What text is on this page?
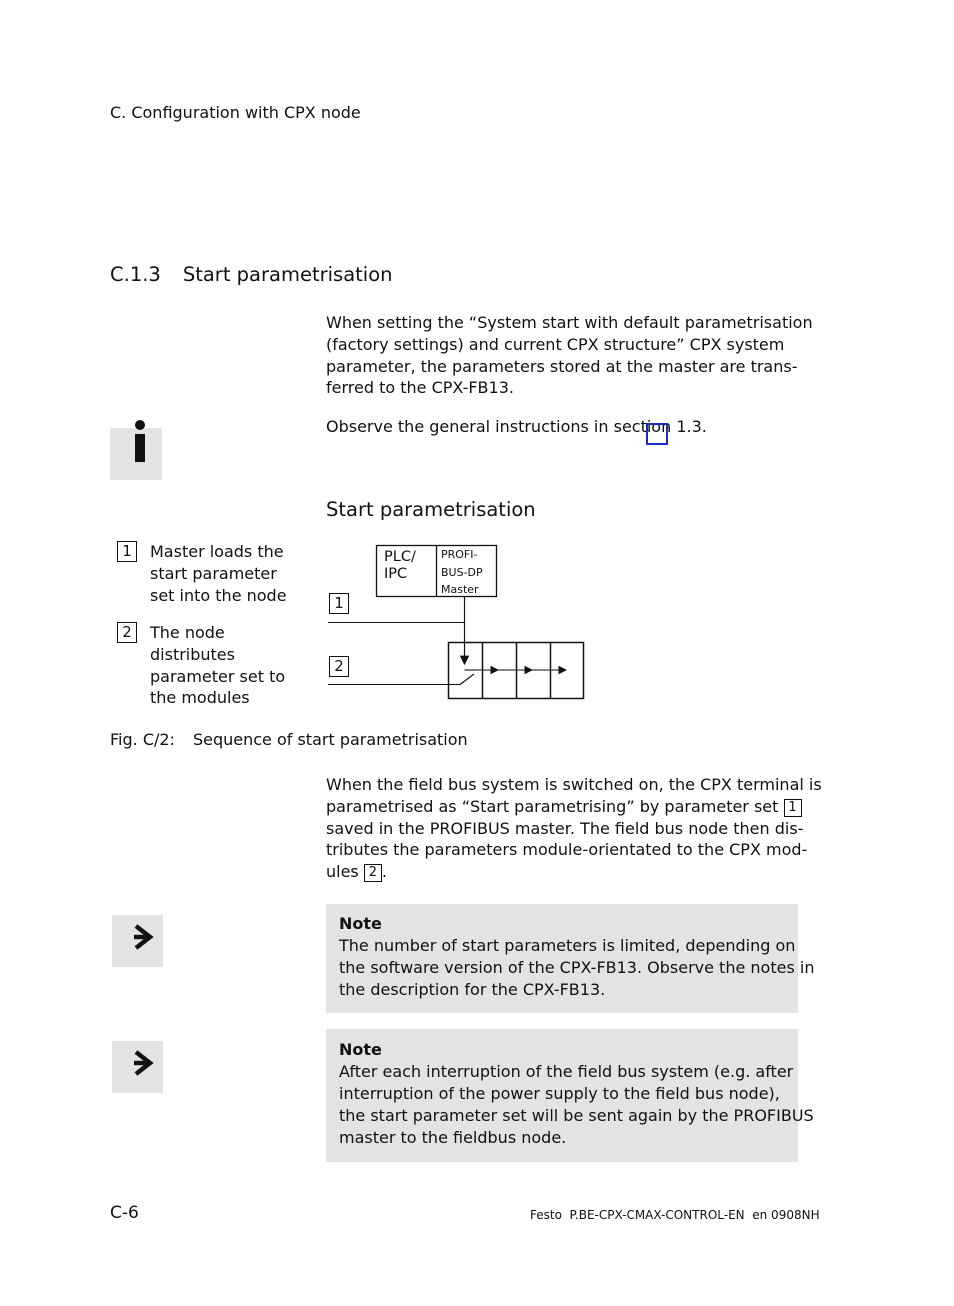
C. Configuration with CPX node
C.1.3 Start parametrisation
When setting the “System start with default parametrisation
(factory settings) and current CPX structure” CPX system
parameter, the parameters stored at the master are trans-
ferred to the CPX-FB13.
Observe the general instructions in section 1.3.
Start parametrisation
1	Master loads the
start parameter
set into the node
2	The node
distributes
parameter set to
the modules
PLC/
IPC
PROFI-
BUS-DP
Master
1
2
Fig. C/2: Sequence of start parametrisation
When the field bus system is switched on, the CPX terminal is
parametrised as “Start parametrising” by parameter set 1
saved in the PROFIBUS master. The field bus node then dis-
tributes the parameters module-orientated to the CPX mod-
ules 2 .
Note
The number of start parameters is limited, depending on
the software version of the CPX-FB13. Observe the notes in
the description for the CPX-FB13.
Note
After each interruption of the field bus system (e.g. after
interruption of the power supply to the field bus node),
the start parameter set will be sent again by the PROFIBUS
master to the fieldbus node.
C-6	Festo  P.BE-CPX-CMAX-CONTROL-EN  en 0908NH
